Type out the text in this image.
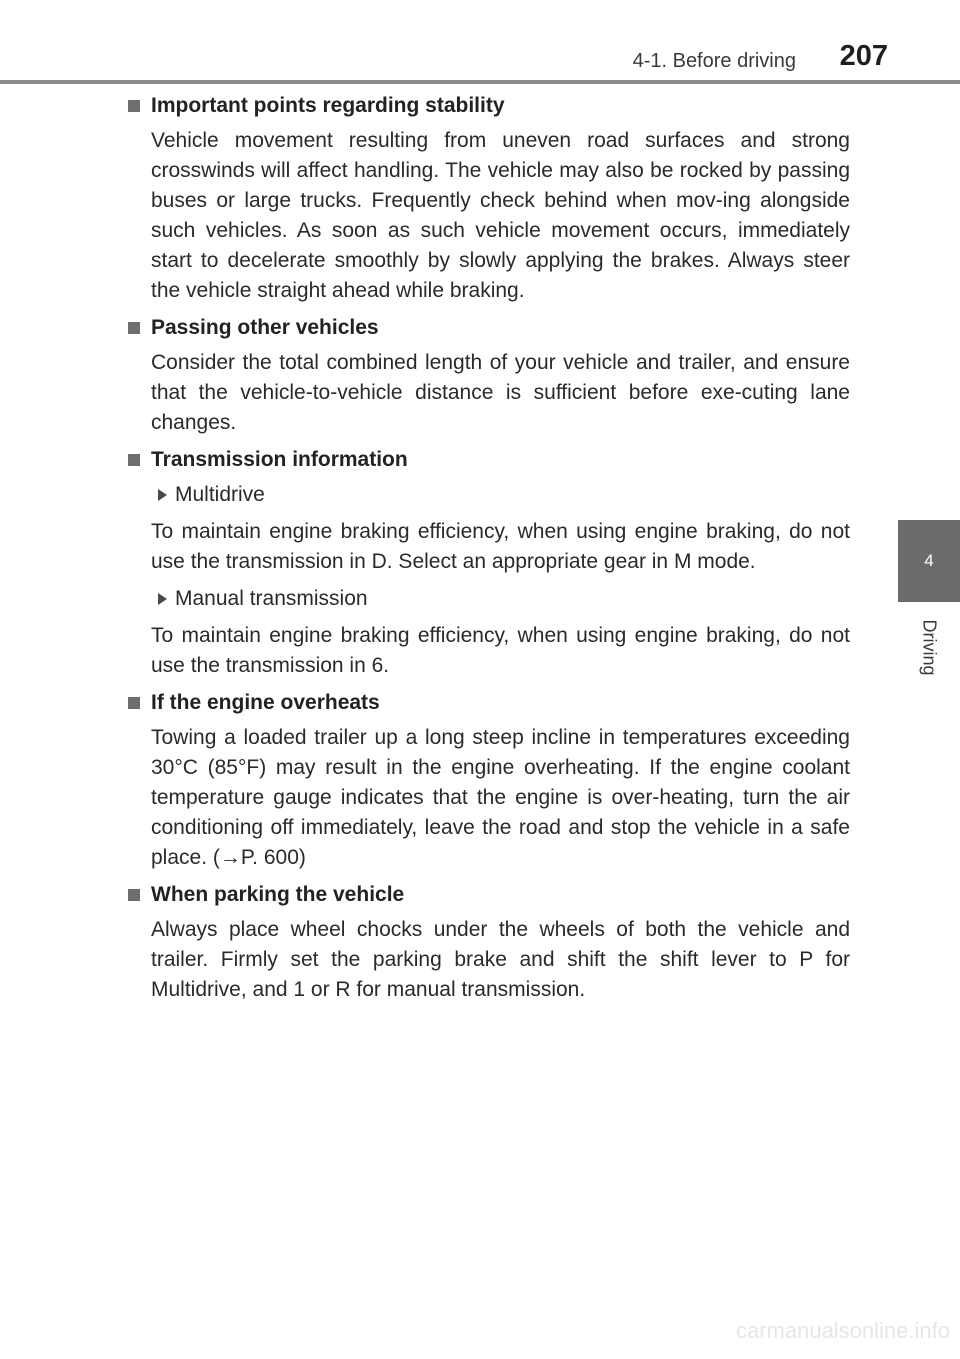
4-1. Before driving	207
4
Driving
Important points regarding stability

Vehicle movement resulting from uneven road surfaces and strong crosswinds will affect handling. The vehicle may also be rocked by passing buses or large trucks. Frequently check behind when mov-ing alongside such vehicles. As soon as such vehicle movement occurs, immediately start to decelerate smoothly by slowly applying the brakes. Always steer the vehicle straight ahead while braking.

Passing other vehicles

Consider the total combined length of your vehicle and trailer, and ensure that the vehicle-to-vehicle distance is sufficient before exe-cuting lane changes.

Transmission information
Multidrive

To maintain engine braking efficiency, when using engine braking, do not use the transmission in D. Select an appropriate gear in M mode.

Manual transmission

To maintain engine braking efficiency, when using engine braking, do not use the transmission in 6.

If the engine overheats

Towing a loaded trailer up a long steep incline in temperatures exceeding 30°C (85°F) may result in the engine overheating. If the engine coolant temperature gauge indicates that the engine is over-heating, turn the air conditioning off immediately, leave the road and stop the vehicle in a safe place. (→P. 600)

When parking the vehicle

Always place wheel chocks under the wheels of both the vehicle and trailer. Firmly set the parking brake and shift the shift lever to P for Multidrive, and 1 or R for manual transmission.

carmanualsonline.info
